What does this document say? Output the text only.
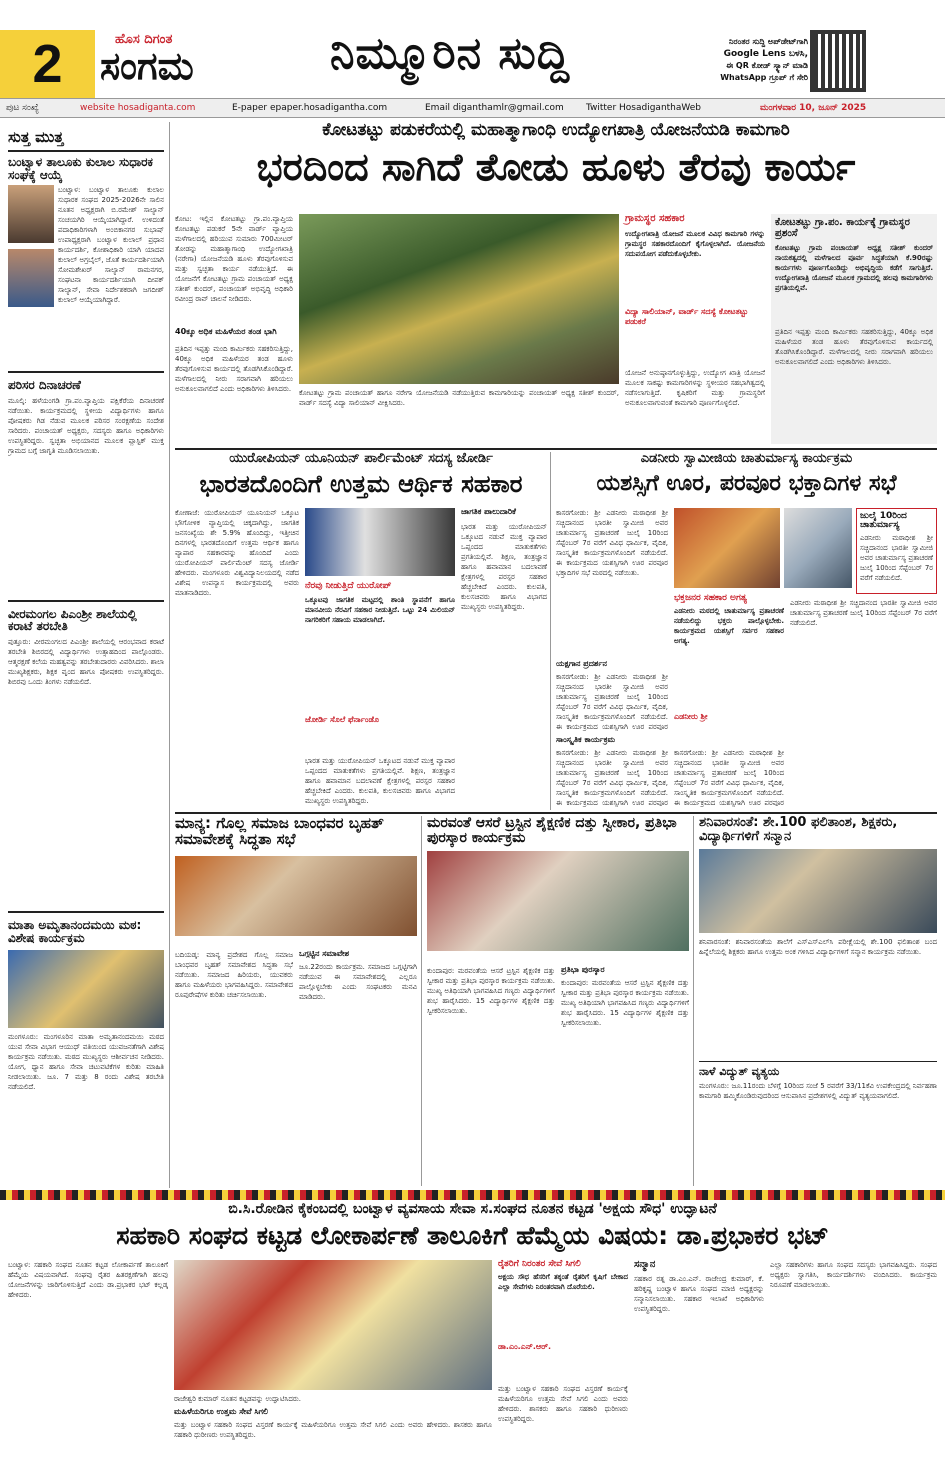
2	ಹೊಸ ದಿಗಂತ
ಸಂಗಮ	ನಿಮ್ಮೂರಿನ ಸುದ್ದಿ	ನಿರಂತರ ಸುದ್ದಿ ಅಪ್‌ಡೇಟ್‌ಗಾಗಿ
Google Lens ಬಳಸಿ,
ಈ QR ಕೋಡ್ ಸ್ಕ್ಯಾನ್ ಮಾಡಿ
WhatsApp ಗ್ರೂಪ್ ಗೆ ಸೇರಿ
ಪುಟ ಸಂಖ್ಯೆ	website hosadiganta.com	E-paper epaper.hosadigantha.com	Email diganthamlr@gmail.com Twitter HosadiganthaWeb	ಮಂಗಳವಾರ 10, ಜೂನ್ 2025
ಸುತ್ತ ಮುತ್ತ
ಬಂಟ್ವಾಳ ತಾಲೂಕು ಕುಲಾಲ ಸುಧಾರಕ ಸಂಘಕ್ಕೆ ಆಯ್ಕೆ
ಬಂಟ್ವಾಳ: ಬಂಟ್ವಾಳ ತಾಲೂಕು ಕುಲಾಲ ಸುಧಾರಕ ಸಂಘದ 2025-2026ನೇ ಸಾಲಿನ ನೂತನ ಅಧ್ಯಕ್ಷರಾಗಿ ಬಿ.ರಮೇಶ್ ಸಾಲ್ಯಾನ್ ಸಂಚಯಗಿರಿ ಆಯ್ಕೆಯಾಗಿದ್ದಾರೆ. ಉಳಿದಂತೆ ಪದಾಧಿಕಾರಿಗಳಾಗಿ ಅಂಬಿಕಾನಗರ ಸುಭಾಷ್ ಉಪಾಧ್ಯಕ್ಷರಾಗಿ ಬಂಟ್ವಾಳ ಕುಲಾಲ್ ಪ್ರಧಾನ ಕಾರ್ಯದರ್ಶಿ, ಕೋಶಾಧಿಕಾರಿ ಯಾಗಿ ಯಾದವ ಕುಲಾಲ್ ಅಗ್ರಬೈಲ್, ಜೊತೆ ಕಾರ್ಯದರ್ಶಿಯಾಗಿ ಸೋಮಶೇಖರ್ ಸಾಲ್ಯಾನ್ ರಾಮನಗರ, ಸಂಘಟನಾ ಕಾರ್ಯದರ್ಶಿಯಾಗಿ ದೀಪಕ್ ಸಾಲ್ಯಾನ್, ಸೇವಾ ನಿರ್ದೇಶಕರಾಗಿ ಜಗದೀಶ್ ಕುಲಾಲ್ ಆಯ್ಕೆಯಾಗಿದ್ದಾರೆ.
ಪರಿಸರ ದಿನಾಚರಣೆ
ಮೂಲ್ಕಿ: ಹಳೆಯಂಗಡಿ ಗ್ರಾ.ಪಂ.ವ್ಯಾಪ್ತಿಯ ಪಕ್ಷಿಕೆರೆಯ ದಿನಾಚರಣೆ ನಡೆಯಿತು. ಕಾರ್ಯಕ್ರಮದಲ್ಲಿ ಸ್ಥಳೀಯ ವಿದ್ಯಾರ್ಥಿಗಳು ಹಾಗೂ ಪೋಷಕರು ಗಿಡ ನೆಡುವ ಮೂಲಕ ಪರಿಸರ ಸಂರಕ್ಷಣೆಯ ಸಂದೇಶ ಸಾರಿದರು. ಪಂಚಾಯತ್ ಅಧ್ಯಕ್ಷರು, ಸದಸ್ಯರು ಹಾಗೂ ಅಧಿಕಾರಿಗಳು ಉಪಸ್ಥಿತರಿದ್ದರು. ಸ್ವಚ್ಛತಾ ಅಭಿಯಾನದ ಮೂಲಕ ಪ್ಲಾಸ್ಟಿಕ್ ಮುಕ್ತ ಗ್ರಾಮದ ಬಗ್ಗೆ ಜಾಗೃತಿ ಮೂಡಿಸಲಾಯಿತು.
ವೀರಮಂಗಲ ಪಿಎಂಶ್ರೀ ಶಾಲೆಯಲ್ಲಿ ಕರಾಟೆ ತರಬೇತಿ
ಪುತ್ತೂರು: ವೀರಮಂಗಲದ ಪಿಎಂಶ್ರೀ ಶಾಲೆಯಲ್ಲಿ ಆರಂಭವಾದ ಕರಾಟೆ ತರಬೇತಿ ಶಿಬಿರದಲ್ಲಿ ವಿದ್ಯಾರ್ಥಿಗಳು ಉತ್ಸಾಹದಿಂದ ಪಾಲ್ಗೊಂಡರು. ಆತ್ಮರಕ್ಷಣೆ ಕಲೆಯ ಮಹತ್ವವನ್ನು ತರಬೇತುದಾರರು ವಿವರಿಸಿದರು. ಶಾಲಾ ಮುಖ್ಯಶಿಕ್ಷಕರು, ಶಿಕ್ಷಕ ವೃಂದ ಹಾಗೂ ಪೋಷಕರು ಉಪಸ್ಥಿತರಿದ್ದರು. ಶಿಬಿರವು ಒಂದು ತಿಂಗಳು ನಡೆಯಲಿದೆ.
ಮಾತಾ ಅಮೃತಾನಂದಮಯಿ ಮಠ: ವಿಶೇಷ ಕಾರ್ಯಕ್ರಮ
ಮಂಗಳೂರು: ಮಂಗಳೂರಿನ ಮಾತಾ ಅಮೃತಾನಂದಮಯಿ ಮಠದ ಯುವ ಸೇವಾ ವಿಭಾಗ ಆಯುಧ್ ವತಿಯಿಂದ ಯುವಜನತೆಗಾಗಿ ವಿಶೇಷ ಕಾರ್ಯಕ್ರಮ ನಡೆಯಿತು. ಮಠದ ಮುಖ್ಯಸ್ಥರು ಆಶೀರ್ವಚನ ನೀಡಿದರು. ಯೋಗ, ಧ್ಯಾನ ಹಾಗೂ ಸೇವಾ ಚಟುವಟಿಕೆಗಳ ಕುರಿತು ಮಾಹಿತಿ ನೀಡಲಾಯಿತು. ಜೂ. 7 ಮತ್ತು 8 ರಂದು ವಿಶೇಷ ತರಬೇತಿ ನಡೆಯಲಿದೆ.
ಕೋಟತಟ್ಟು ಪಡುಕರೆಯಲ್ಲಿ ಮಹಾತ್ಮಾಗಾಂಧಿ ಉದ್ಯೋಗಖಾತ್ರಿ ಯೋಜನೆಯಡಿ ಕಾಮಗಾರಿ
ಭರದಿಂದ ಸಾಗಿದೆ ತೋಡು ಹೂಳು ತೆರವು ಕಾರ್ಯ
ಕೋಟ: ಇಲ್ಲಿನ ಕೋಟತಟ್ಟು ಗ್ರಾ.ಪಂ.ವ್ಯಾಪ್ತಿಯ ಕೋಟತಟ್ಟು ಪಡುಕರೆ 5ನೇ ವಾರ್ಡ್ ವ್ಯಾಪ್ತಿಯ ಮಳೆಗಾಲದಲ್ಲಿ ಹರಿಯುವ ಸುಮಾರು 700ಮೀಟರ್ ತೋಡನ್ನು ಮಹಾತ್ಮಾಗಾಂಧಿ ಉದ್ಯೋಗಖಾತ್ರಿ (ನರೇಗಾ) ಯೋಜನೆಯಡಿ ಹೂಳು ತೆರವುಗೊಳಿಸುವ ಮತ್ತು ಸ್ವಚ್ಛತಾ ಕಾರ್ಯ ನಡೆಯುತ್ತಿದೆ. ಈ ಯೋಜನೆಗೆ ಕೋಟತಟ್ಟು ಗ್ರಾಮ ಪಂಚಾಯತ್ ಅಧ್ಯಕ್ಷ ಸತೀಶ್ ಕುಂದರ್, ಪಂಚಾಯತ್ ಅಭಿವೃದ್ಧಿ ಅಧಿಕಾರಿ ರವೀಂದ್ರ ರಾವ್ ಚಾಲನೆ ನೀಡಿದರು.
40ಕ್ಕೂ ಅಧಿಕ ಮಹಿಳೆಯರ ತಂಡ ಭಾಗಿ
ಪ್ರತಿದಿನ ಇಪ್ಪತ್ತು ಮಂದಿ ಕಾರ್ಮಿಕರು ಸಹಕರಿಸುತ್ತಿದ್ದು, 40ಕ್ಕೂ ಅಧಿಕ ಮಹಿಳೆಯರ ತಂಡ ಹೂಳು ತೆರವುಗೊಳಿಸುವ ಕಾರ್ಯದಲ್ಲಿ ತೊಡಗಿಸಿಕೊಂಡಿದ್ದಾರೆ. ಮಳೆಗಾಲದಲ್ಲಿ ನೀರು ಸರಾಗವಾಗಿ ಹರಿಯಲು ಅನುಕೂಲವಾಗಲಿದೆ ಎಂದು ಅಧಿಕಾರಿಗಳು ತಿಳಿಸಿದರು. ಕೋಟತಟ್ಟು ಗ್ರಾಮ ಪಂಚಾಯತ್ ಹಾಗೂ ನರೇಗಾ ಯೋಜನೆಯಡಿ ನಡೆಯುತ್ತಿರುವ ಕಾಮಗಾರಿಯನ್ನು ಪಂಚಾಯತ್ ಅಧ್ಯಕ್ಷ ಸತೀಶ್ ಕುಂದರ್, ವಾರ್ಡ್ ಸದಸ್ಯೆ ವಿದ್ಯಾ ಸಾಲಿಯಾನ್ ವೀಕ್ಷಿಸಿದರು.
ಗ್ರಾಮಸ್ಥರ ಸಹಕಾರ
ಉದ್ಯೋಗಖಾತ್ರಿ ಯೋಜನೆ ಮೂಲಕ ವಿವಿಧ ಕಾಮಗಾರಿ ಗಳನ್ನು ಗ್ರಾಮಸ್ಥರ ಸಹಕಾರದೊಂದಿಗೆ ಕೈಗೊಳ್ಳಲಾಗಿದೆ. ಯೋಜನೆಯ ಸದುಪಯೋಗ ಪಡೆದುಕೊಳ್ಳಬೇಕು.
ವಿದ್ಯಾ ಸಾಲಿಯಾನ್, ವಾರ್ಡ್ ಸದಸ್ಯೆ ಕೋಟತಟ್ಟು ಪಡುಕರೆ
ಯೋಜನೆ ಅನುಷ್ಠಾನಗೊಳ್ಳುತ್ತಿದ್ದು, ಉದ್ಯೋಗ ಖಾತ್ರಿ ಯೋಜನೆ ಮೂಲಕ ಸಾಕಷ್ಟು ಕಾಮಗಾರಿಗಳನ್ನು ಸ್ಥಳೀಯರ ಸಹಭಾಗಿತ್ವದಲ್ಲಿ ನಡೆಸಲಾಗುತ್ತಿದೆ. ಕೃಷಿಕರಿಗೆ ಮತ್ತು ಗ್ರಾಮಸ್ಥರಿಗೆ ಅನುಕೂಲವಾಗುವಂತೆ ಕಾಮಗಾರಿ ಪೂರ್ಣಗೊಳ್ಳಲಿದೆ.
ಕೋಟತಟ್ಟು ಗ್ರಾ.ಪಂ. ಕಾರ್ಯಕ್ಕೆ ಗ್ರಾಮಸ್ಥರ ಪ್ರಶಂಸೆ
ಕೋಟತಟ್ಟು ಗ್ರಾಮ ಪಂಚಾಯತ್ ಅಧ್ಯಕ್ಷ ಸತೀಶ್ ಕುಂದರ್ ನಾಯಕತ್ವದಲ್ಲಿ ಮಳೆಗಾಲದ ಪೂರ್ವ ಸಿದ್ಧತೆಯಾಗಿ ಕೆ.90ರಷ್ಟು ಕಾರ್ಯಗಳು ಪೂರ್ಣಗೊಂಡಿದ್ದು ಅಭಿವೃದ್ಧಿಯ ಕಡೆಗೆ ಸಾಗುತ್ತಿದೆ. ಉದ್ಯೋಗಖಾತ್ರಿ ಯೋಜನೆ ಮೂಲಕ ಗ್ರಾಮದಲ್ಲಿ ಹಲವು ಕಾಮಗಾರಿಗಳು ಪ್ರಗತಿಯಲ್ಲಿವೆ.
ಪ್ರತಿದಿನ ಇಪ್ಪತ್ತು ಮಂದಿ ಕಾರ್ಮಿಕರು ಸಹಕರಿಸುತ್ತಿದ್ದು, 40ಕ್ಕೂ ಅಧಿಕ ಮಹಿಳೆಯರ ತಂಡ ಹೂಳು ತೆರವುಗೊಳಿಸುವ ಕಾರ್ಯದಲ್ಲಿ ತೊಡಗಿಸಿಕೊಂಡಿದ್ದಾರೆ. ಮಳೆಗಾಲದಲ್ಲಿ ನೀರು ಸರಾಗವಾಗಿ ಹರಿಯಲು ಅನುಕೂಲವಾಗಲಿದೆ ಎಂದು ಅಧಿಕಾರಿಗಳು ತಿಳಿಸಿದರು.
ಯುರೋಪಿಯನ್ ಯೂನಿಯನ್ ಪಾರ್ಲಿಮೆಂಟ್ ಸದಸ್ಯ ಜೋರ್ಡಿ
ಭಾರತದೊಂದಿಗೆ ಉತ್ತಮ ಆರ್ಥಿಕ ಸಹಕಾರ
ಕೋಣಾಜೆ: ಯುರೋಪಿಯನ್ ಯೂನಿಯನ್ ಒಕ್ಕೂಟ ಭೌಗೋಳಿಕ ವ್ಯಾಪ್ತಿಯಲ್ಲಿ ಚಿಕ್ಕದಾಗಿದ್ದು, ಜಾಗತಿಕ ಜನಸಂಖ್ಯೆಯ ಶೇ 5.9% ಹೊಂದಿದ್ದು, ಇತ್ತೀಚಿನ ದಿನಗಳಲ್ಲಿ ಭಾರತದೊಂದಿಗೆ ಉತ್ತಮ ಆರ್ಥಿಕ ಹಾಗೂ ವ್ಯಾಪಾರ ಸಹಕಾರವನ್ನು ಹೊಂದಿದೆ ಎಂದು ಯುರೋಪಿಯನ್ ಪಾರ್ಲಿಮೆಂಟ್ ಸದಸ್ಯ ಜೋರ್ಡಿ ಹೇಳಿದರು. ಮಂಗಳೂರು ವಿಶ್ವವಿದ್ಯಾನಿಲಯದಲ್ಲಿ ನಡೆದ ವಿಶೇಷ ಉಪನ್ಯಾಸ ಕಾರ್ಯಕ್ರಮದಲ್ಲಿ ಅವರು ಮಾತನಾಡಿದರು.
ನೆರವು ನೀಡುತ್ತಿದೆ ಯುರೋಪ್
ಒಕ್ಕೂಟವು ಜಾಗತಿಕ ಮಟ್ಟದಲ್ಲಿ ಶಾಂತಿ ಸ್ಥಾಪನೆಗೆ ಹಾಗೂ ಮಾನವೀಯ ನೆರವಿಗೆ ಸಹಕಾರ ನೀಡುತ್ತಿದೆ. ಒಟ್ಟು 24 ಮಿಲಿಯನ್ ನಾಗರಿಕರಿಗೆ ಸಹಾಯ ಮಾಡಲಾಗಿದೆ.
ಜೋರ್ಡಿ ಸೊಲೆ ಫೆರ್ನಾಂಡೊ
ಭಾರತ ಮತ್ತು ಯುರೋಪಿಯನ್ ಒಕ್ಕೂಟದ ನಡುವೆ ಮುಕ್ತ ವ್ಯಾಪಾರ ಒಪ್ಪಂದದ ಮಾತುಕತೆಗಳು ಪ್ರಗತಿಯಲ್ಲಿವೆ. ಶಿಕ್ಷಣ, ತಂತ್ರಜ್ಞಾನ ಹಾಗೂ ಹವಾಮಾನ ಬದಲಾವಣೆ ಕ್ಷೇತ್ರಗಳಲ್ಲಿ ಪರಸ್ಪರ ಸಹಕಾರ ಹೆಚ್ಚಬೇಕಿದೆ ಎಂದರು. ಕುಲಪತಿ, ಕುಲಸಚಿವರು ಹಾಗೂ ವಿಭಾಗದ ಮುಖ್ಯಸ್ಥರು ಉಪಸ್ಥಿತರಿದ್ದರು.
ಜಾಗತಿಕ ಪಾಲುದಾರಿಕೆ
ಭಾರತ ಮತ್ತು ಯುರೋಪಿಯನ್ ಒಕ್ಕೂಟದ ನಡುವೆ ಮುಕ್ತ ವ್ಯಾಪಾರ ಒಪ್ಪಂದದ ಮಾತುಕತೆಗಳು ಪ್ರಗತಿಯಲ್ಲಿವೆ. ಶಿಕ್ಷಣ, ತಂತ್ರಜ್ಞಾನ ಹಾಗೂ ಹವಾಮಾನ ಬದಲಾವಣೆ ಕ್ಷೇತ್ರಗಳಲ್ಲಿ ಪರಸ್ಪರ ಸಹಕಾರ ಹೆಚ್ಚಬೇಕಿದೆ ಎಂದರು. ಕುಲಪತಿ, ಕುಲಸಚಿವರು ಹಾಗೂ ವಿಭಾಗದ ಮುಖ್ಯಸ್ಥರು ಉಪಸ್ಥಿತರಿದ್ದರು.
ಎಡನೀರು ಸ್ವಾಮೀಜಿಯ ಚಾತುರ್ಮಾಸ್ಯ ಕಾರ್ಯಕ್ರಮ
ಯಶಸ್ಸಿಗೆ ಊರ, ಪರವೂರ ಭಕ್ತಾದಿಗಳ ಸಭೆ
ಕಾಸರಗೋಡು: ಶ್ರೀ ಎಡನೀರು ಮಠಾಧೀಶ ಶ್ರೀ ಸಚ್ಚಿದಾನಂದ ಭಾರತೀ ಸ್ವಾಮೀಜಿ ಅವರ ಚಾತುರ್ಮಾಸ್ಯ ವ್ರತಾಚರಣೆ ಜುಲೈ 10ರಿಂದ ಸೆಪ್ಟೆಂಬರ್ 7ರ ವರೆಗೆ ವಿವಿಧ ಧಾರ್ಮಿಕ, ವೈದಿಕ, ಸಾಂಸ್ಕೃತಿಕ ಕಾರ್ಯಕ್ರಮಗಳೊಂದಿಗೆ ನಡೆಯಲಿದೆ. ಈ ಕಾರ್ಯಕ್ರಮದ ಯಶಸ್ಸಿಗಾಗಿ ಊರ ಪರವೂರ ಭಕ್ತಾದಿಗಳ ಸಭೆ ಮಠದಲ್ಲಿ ನಡೆಯಿತು.
ಯಕ್ಷಗಾನ ಪ್ರದರ್ಶನ
ಕಾಸರಗೋಡು: ಶ್ರೀ ಎಡನೀರು ಮಠಾಧೀಶ ಶ್ರೀ ಸಚ್ಚಿದಾನಂದ ಭಾರತೀ ಸ್ವಾಮೀಜಿ ಅವರ ಚಾತುರ್ಮಾಸ್ಯ ವ್ರತಾಚರಣೆ ಜುಲೈ 10ರಿಂದ ಸೆಪ್ಟೆಂಬರ್ 7ರ ವರೆಗೆ ವಿವಿಧ ಧಾರ್ಮಿಕ, ವೈದಿಕ, ಸಾಂಸ್ಕೃತಿಕ ಕಾರ್ಯಕ್ರಮಗಳೊಂದಿಗೆ ನಡೆಯಲಿದೆ. ಈ ಕಾರ್ಯಕ್ರಮದ ಯಶಸ್ಸಿಗಾಗಿ ಊರ ಪರವೂರ
ಸಾಂಸ್ಕೃತಿಕ ಕಾರ್ಯಕ್ರಮ
ಕಾಸರಗೋಡು: ಶ್ರೀ ಎಡನೀರು ಮಠಾಧೀಶ ಶ್ರೀ ಸಚ್ಚಿದಾನಂದ ಭಾರತೀ ಸ್ವಾಮೀಜಿ ಅವರ ಚಾತುರ್ಮಾಸ್ಯ ವ್ರತಾಚರಣೆ ಜುಲೈ 10ರಿಂದ ಸೆಪ್ಟೆಂಬರ್ 7ರ ವರೆಗೆ ವಿವಿಧ ಧಾರ್ಮಿಕ, ವೈದಿಕ, ಸಾಂಸ್ಕೃತಿಕ ಕಾರ್ಯಕ್ರಮಗಳೊಂದಿಗೆ ನಡೆಯಲಿದೆ. ಈ ಕಾರ್ಯಕ್ರಮದ ಯಶಸ್ಸಿಗಾಗಿ ಊರ ಪರವೂರ
ಜುಲೈ 10ರಿಂದ ಚಾತುರ್ಮಾಸ್ಯ
ಎಡನೀರು ಮಠಾಧೀಶ ಶ್ರೀ ಸಚ್ಚಿದಾನಂದ ಭಾರತೀ ಸ್ವಾಮೀಜಿ ಅವರ ಚಾತುರ್ಮಾಸ್ಯ ವ್ರತಾಚರಣೆ ಜುಲೈ 10ರಿಂದ ಸೆಪ್ಟೆಂಬರ್ 7ರ ವರೆಗೆ ನಡೆಯಲಿದೆ.
ಭಕ್ತಜನರ ಸಹಕಾರ ಅಗತ್ಯ
ಎಡನೀರು ಮಠದಲ್ಲಿ ಚಾತುರ್ಮಾಸ್ಯ ವ್ರತಾಚರಣೆ ನಡೆಯಲಿದ್ದು ಭಕ್ತರು ಪಾಲ್ಗೊಳ್ಳಬೇಕು. ಕಾರ್ಯಕ್ರಮದ ಯಶಸ್ಸಿಗೆ ಸರ್ವರ ಸಹಕಾರ ಅಗತ್ಯ.
ಎಡನೀರು ಶ್ರೀ
ಕಾಸರಗೋಡು: ಶ್ರೀ ಎಡನೀರು ಮಠಾಧೀಶ ಶ್ರೀ ಸಚ್ಚಿದಾನಂದ ಭಾರತೀ ಸ್ವಾಮೀಜಿ ಅವರ ಚಾತುರ್ಮಾಸ್ಯ ವ್ರತಾಚರಣೆ ಜುಲೈ 10ರಿಂದ ಸೆಪ್ಟೆಂಬರ್ 7ರ ವರೆಗೆ ವಿವಿಧ ಧಾರ್ಮಿಕ, ವೈದಿಕ, ಸಾಂಸ್ಕೃತಿಕ ಕಾರ್ಯಕ್ರಮಗಳೊಂದಿಗೆ ನಡೆಯಲಿದೆ. ಈ ಕಾರ್ಯಕ್ರಮದ ಯಶಸ್ಸಿಗಾಗಿ ಊರ ಪರವೂರ
ಎಡನೀರು ಮಠಾಧೀಶ ಶ್ರೀ ಸಚ್ಚಿದಾನಂದ ಭಾರತೀ ಸ್ವಾಮೀಜಿ ಅವರ ಚಾತುರ್ಮಾಸ್ಯ ವ್ರತಾಚರಣೆ ಜುಲೈ 10ರಿಂದ ಸೆಪ್ಟೆಂಬರ್ 7ರ ವರೆಗೆ ನಡೆಯಲಿದೆ.
ಮಾನ್ಯ: ಗೊಲ್ಲ ಸಮಾಜ ಬಾಂಧವರ ಬೃಹತ್ ಸಮಾವೇಶಕ್ಕೆ ಸಿದ್ಧತಾ ಸಭೆ
ಬದಿಯಡ್ಕ: ಮಾನ್ಯ ಪ್ರದೇಶದ ಗೊಲ್ಲ ಸಮಾಜ ಬಾಂಧವರ ಬೃಹತ್ ಸಮಾವೇಶದ ಸಿದ್ಧತಾ ಸಭೆ ನಡೆಯಿತು. ಸಮಾಜದ ಹಿರಿಯರು, ಯುವಕರು ಹಾಗೂ ಮಹಿಳೆಯರು ಭಾಗವಹಿಸಿದ್ದರು. ಸಮಾವೇಶದ ರೂಪುರೇಷೆಗಳ ಕುರಿತು ಚರ್ಚಿಸಲಾಯಿತು.
ಒಗ್ಗಟ್ಟಿನ ಸಮಾವೇಶ
ಜೂ.22ರಂದು ಕಾರ್ಯಕ್ರಮ. ಸಮಾಜದ ಒಗ್ಗಟ್ಟಿಗಾಗಿ ನಡೆಯುವ ಈ ಸಮಾವೇಶದಲ್ಲಿ ಎಲ್ಲರೂ ಪಾಲ್ಗೊಳ್ಳಬೇಕು ಎಂದು ಸಂಘಟಕರು ಮನವಿ ಮಾಡಿದರು.
ಮರವಂತೆ ಆಸರೆ ಟ್ರಸ್ಟಿನ ಶೈಕ್ಷಣಿಕ ದತ್ತು ಸ್ವೀಕಾರ, ಪ್ರತಿಭಾ ಪುರಸ್ಕಾರ ಕಾರ್ಯಕ್ರಮ
ಕುಂದಾಪುರ: ಮರವಂತೆಯ ಆಸರೆ ಟ್ರಸ್ಟಿನ ಶೈಕ್ಷಣಿಕ ದತ್ತು ಸ್ವೀಕಾರ ಮತ್ತು ಪ್ರತಿಭಾ ಪುರಸ್ಕಾರ ಕಾರ್ಯಕ್ರಮ ನಡೆಯಿತು. ಮುಖ್ಯ ಅತಿಥಿಯಾಗಿ ಭಾಗವಹಿಸಿದ ಗಣ್ಯರು ವಿದ್ಯಾರ್ಥಿಗಳಿಗೆ ಶುಭ ಹಾರೈಸಿದರು. 15 ವಿದ್ಯಾರ್ಥಿಗಳ ಶೈಕ್ಷಣಿಕ ದತ್ತು ಸ್ವೀಕರಿಸಲಾಯಿತು.
ಪ್ರತಿಭಾ ಪುರಸ್ಕಾರ
ಕುಂದಾಪುರ: ಮರವಂತೆಯ ಆಸರೆ ಟ್ರಸ್ಟಿನ ಶೈಕ್ಷಣಿಕ ದತ್ತು ಸ್ವೀಕಾರ ಮತ್ತು ಪ್ರತಿಭಾ ಪುರಸ್ಕಾರ ಕಾರ್ಯಕ್ರಮ ನಡೆಯಿತು. ಮುಖ್ಯ ಅತಿಥಿಯಾಗಿ ಭಾಗವಹಿಸಿದ ಗಣ್ಯರು ವಿದ್ಯಾರ್ಥಿಗಳಿಗೆ ಶುಭ ಹಾರೈಸಿದರು. 15 ವಿದ್ಯಾರ್ಥಿಗಳ ಶೈಕ್ಷಣಿಕ ದತ್ತು ಸ್ವೀಕರಿಸಲಾಯಿತು.
ಶನಿವಾರಸಂತೆ: ಶೇ.100 ಫಲಿತಾಂಶ, ಶಿಕ್ಷಕರು, ವಿದ್ಯಾರ್ಥಿಗಳಿಗೆ ಸನ್ಮಾನ
ಶನಿವಾರಸಂತೆ: ಶನಿವಾರಸಂತೆಯ ಶಾಲೆಗೆ ಎಸ್ಎಸ್ಎಲ್‌ಸಿ ಪರೀಕ್ಷೆಯಲ್ಲಿ ಶೇ.100 ಫಲಿತಾಂಶ ಬಂದ ಹಿನ್ನೆಲೆಯಲ್ಲಿ ಶಿಕ್ಷಕರು ಹಾಗೂ ಉತ್ತಮ ಅಂಕ ಗಳಿಸಿದ ವಿದ್ಯಾರ್ಥಿಗಳಿಗೆ ಸನ್ಮಾನ ಕಾರ್ಯಕ್ರಮ ನಡೆಯಿತು.
ನಾಳೆ ವಿದ್ಯುತ್ ವ್ಯತ್ಯಯ
ಮಂಗಳೂರು: ಜೂ.11ರಂದು ಬೆಳಗ್ಗೆ 10ರಿಂದ ಸಂಜೆ 5 ರವರೆಗೆ 33/11ಕೆವಿ ಉಪಕೇಂದ್ರದಲ್ಲಿ ನಿರ್ವಹಣಾ ಕಾಮಗಾರಿ ಹಮ್ಮಿಕೊಂಡಿರುವುದರಿಂದ ಆಸುಪಾಸಿನ ಪ್ರದೇಶಗಳಲ್ಲಿ ವಿದ್ಯುತ್ ವ್ಯತ್ಯಯವಾಗಲಿದೆ.
ಬಿ.ಸಿ.ರೋಡಿನ ಕೈಕಂಬದಲ್ಲಿ ಬಂಟ್ವಾಳ ವ್ಯವಸಾಯ ಸೇವಾ ಸ.ಸಂಘದ ನೂತನ ಕಟ್ಟಡ 'ಅಕ್ಷಯ ಸೌಧ' ಉದ್ಘಾಟನೆ
ಸಹಕಾರಿ ಸಂಘದ ಕಟ್ಟಡ ಲೋಕಾರ್ಪಣೆ ತಾಲೂಕಿಗೆ ಹೆಮ್ಮೆಯ ವಿಷಯ: ಡಾ.ಪ್ರಭಾಕರ ಭಟ್
ಬಂಟ್ವಾಳ: ಸಹಕಾರಿ ಸಂಘದ ನೂತನ ಕಟ್ಟಡ ಲೋಕಾರ್ಪಣೆ ತಾಲೂಕಿಗೆ ಹೆಮ್ಮೆಯ ವಿಷಯವಾಗಿದೆ. ಸಂಘವು ರೈತರ ಹಿತರಕ್ಷಣೆಗಾಗಿ ಹಲವು ಯೋಜನೆಗಳನ್ನು ಜಾರಿಗೊಳಿಸುತ್ತಿದೆ ಎಂದು ಡಾ.ಪ್ರಭಾಕರ ಭಟ್ ಕಲ್ಲಡ್ಕ ಹೇಳಿದರು.
ರಾಜೇಶ್ವರಿ ಕುಮಾರ್ ನೂತನ ಕಟ್ಟಡವನ್ನು ಉದ್ಘಾಟಿಸಿದರು.
ಮಹಿಳೆಯರಿಗೂ ಉತ್ತಮ ಸೇವೆ ಸಿಗಲಿ
ಮತ್ತು ಬಂಟ್ವಾಳ ಸಹಕಾರಿ ಸಂಘದ ವಿಸ್ತರಣೆ ಕಾರ್ಯಕ್ಕೆ ಮಹಿಳೆಯರಿಗೂ ಉತ್ತಮ ಸೇವೆ ಸಿಗಲಿ ಎಂದು ಅವರು ಹೇಳಿದರು. ಶಾಸಕರು ಹಾಗೂ ಸಹಕಾರಿ ಧುರೀಣರು ಉಪಸ್ಥಿತರಿದ್ದರು.
ರೈತರಿಗೆ ನಿರಂತರ ಸೇವೆ ಸಿಗಲಿ
ಅಕ್ಷಯ ಸೌಧ ಹೆಸರಿಗೆ ತಕ್ಕಂತೆ ರೈತರಿಗೆ ಕೃಷಿಗೆ ಬೇಕಾದ ಎಲ್ಲಾ ಸೇವೆಗಳು ನಿರಂತರವಾಗಿ ದೊರೆಯಲಿ.
ಡಾ.ಎಂ.ಎನ್.ಆರ್.
ಮತ್ತು ಬಂಟ್ವಾಳ ಸಹಕಾರಿ ಸಂಘದ ವಿಸ್ತರಣೆ ಕಾರ್ಯಕ್ಕೆ ಮಹಿಳೆಯರಿಗೂ ಉತ್ತಮ ಸೇವೆ ಸಿಗಲಿ ಎಂದು ಅವರು ಹೇಳಿದರು. ಶಾಸಕರು ಹಾಗೂ ಸಹಕಾರಿ ಧುರೀಣರು ಉಪಸ್ಥಿತರಿದ್ದರು.
ಸನ್ಮಾನ
ಸಹಕಾರ ರತ್ನ ಡಾ.ಎಂ.ಎನ್. ರಾಜೇಂದ್ರ ಕುಮಾರ್, ಕೆ. ಹರಿಕೃಷ್ಣ ಬಂಟ್ವಾಳ ಹಾಗೂ ಸಂಘದ ಮಾಜಿ ಅಧ್ಯಕ್ಷರನ್ನು ಸನ್ಮಾನಿಸಲಾಯಿತು. ಸಹಕಾರ ಇಲಾಖೆ ಅಧಿಕಾರಿಗಳು ಉಪಸ್ಥಿತರಿದ್ದರು.
ಎಲ್ಲಾ ಸಹಕಾರಿಗಳು ಹಾಗೂ ಸಂಘದ ಸದಸ್ಯರು ಭಾಗವಹಿಸಿದ್ದರು. ಸಂಘದ ಅಧ್ಯಕ್ಷರು ಸ್ವಾಗತಿಸಿ, ಕಾರ್ಯದರ್ಶಿಗಳು ವಂದಿಸಿದರು. ಕಾರ್ಯಕ್ರಮ ನಿರೂಪಣೆ ಮಾಡಲಾಯಿತು.
